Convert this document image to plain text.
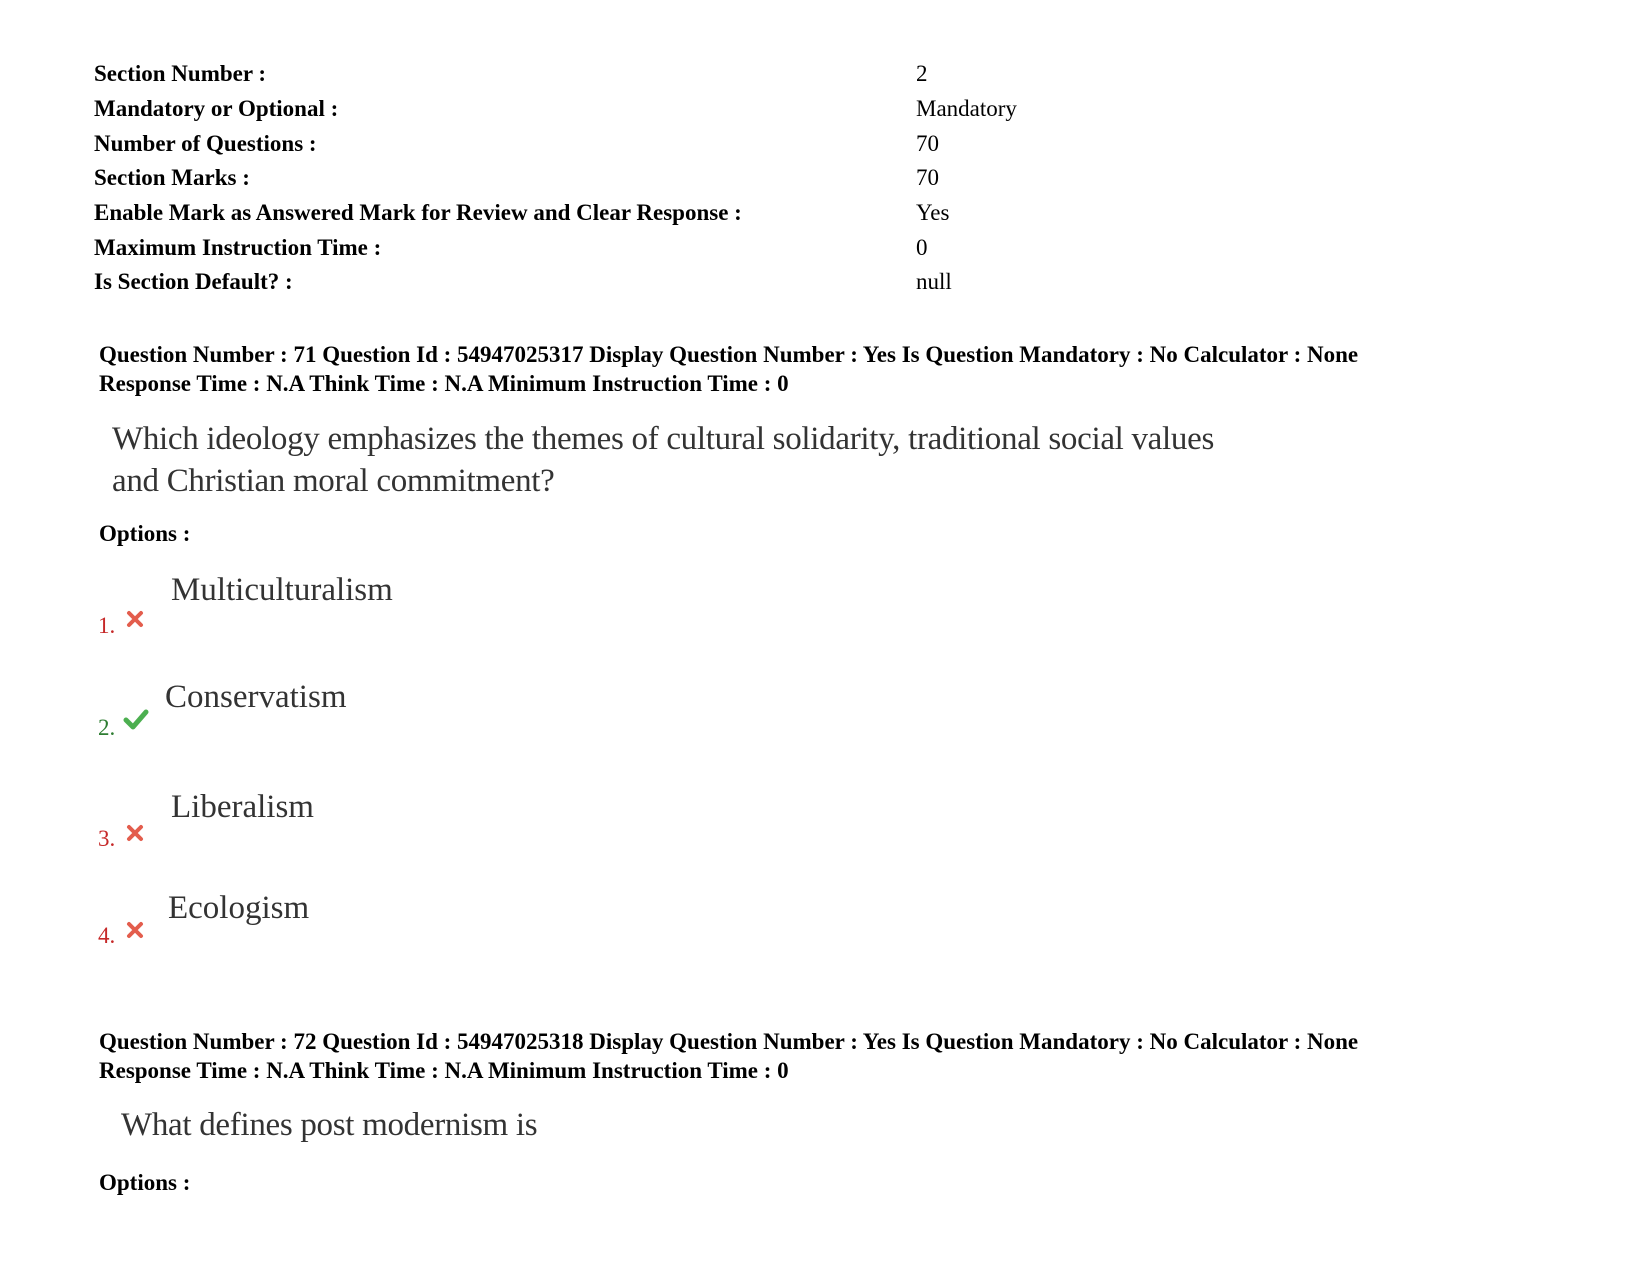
Section Number :	2
Mandatory or Optional :	Mandatory
Number of Questions :	70
Section Marks :	70
Enable Mark as Answered Mark for Review and Clear Response :	Yes
Maximum Instruction Time :	0
Is Section Default? :	null
Question Number : 71 Question Id : 54947025317 Display Question Number : Yes Is Question Mandatory : No Calculator : None
Response Time : N.A Think Time : N.A Minimum Instruction Time : 0
Which ideology emphasizes the themes of cultural solidarity, traditional social values
and Christian moral commitment?
Options :
Multiculturalism
1.
Conservatism
2.
Liberalism
3.
Ecologism
4.
Question Number : 72 Question Id : 54947025318 Display Question Number : Yes Is Question Mandatory : No Calculator : None
Response Time : N.A Think Time : N.A Minimum Instruction Time : 0
What defines post modernism is
Options :
